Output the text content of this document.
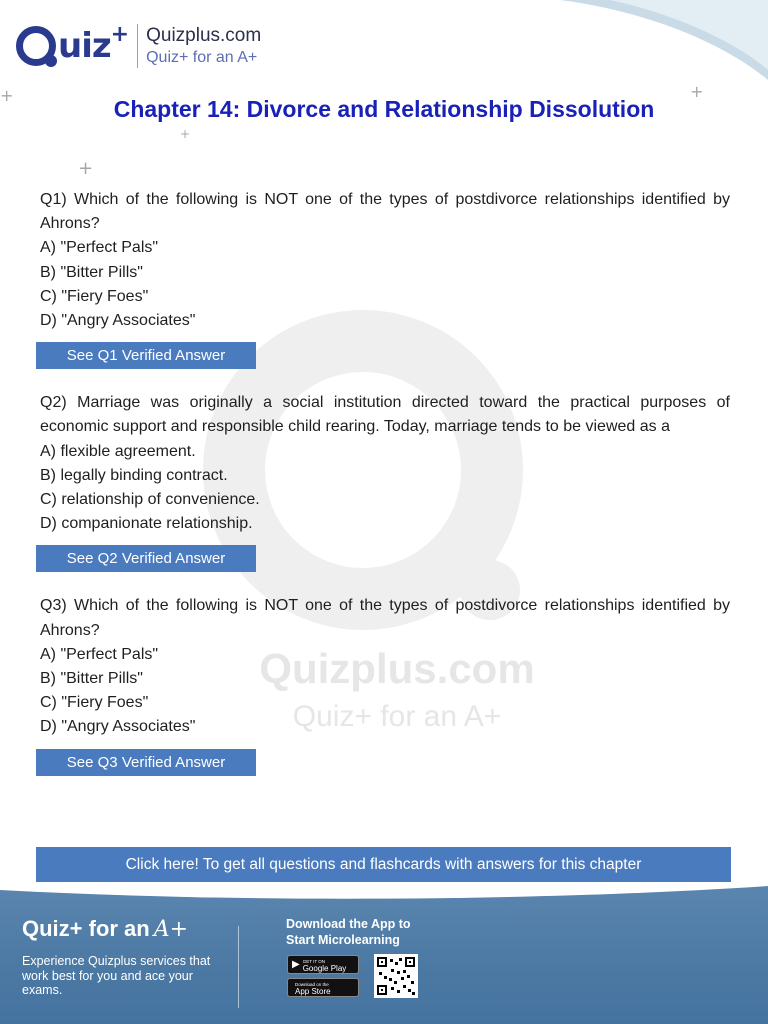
uiz + Quizplus.com
Quiz+ for an A+
+
+
+
+
Chapter 14: Divorce and Relationship Dissolution
Quizplus.com
Quiz+ for an A+
Q1) Which of the following is NOT one of the types of postdivorce relationships identified by Ahrons?
A) "Perfect Pals"
B) "Bitter Pills"
C) "Fiery Foes"
D) "Angry Associates"
See Q1 Verified Answer
Q2) Marriage was originally a social institution directed toward the practical purposes of economic support and responsible child rearing. Today, marriage tends to be viewed as a
A) flexible agreement.
B) legally binding contract.
C) relationship of convenience.
D) companionate relationship.
See Q2 Verified Answer
Q3) Which of the following is NOT one of the types of postdivorce relationships identified by Ahrons?
A) "Perfect Pals"
B) "Bitter Pills"
C) "Fiery Foes"
D) "Angry Associates"
See Q3 Verified Answer
Click here! To get all questions and flashcards with answers for this chapter
Quiz+ for an A+
Experience Quizplus services that work best for you and ace your exams.
Download the App to
Start Microlearning
▶ GET IT ON
Google Play
Download on the
App Store
